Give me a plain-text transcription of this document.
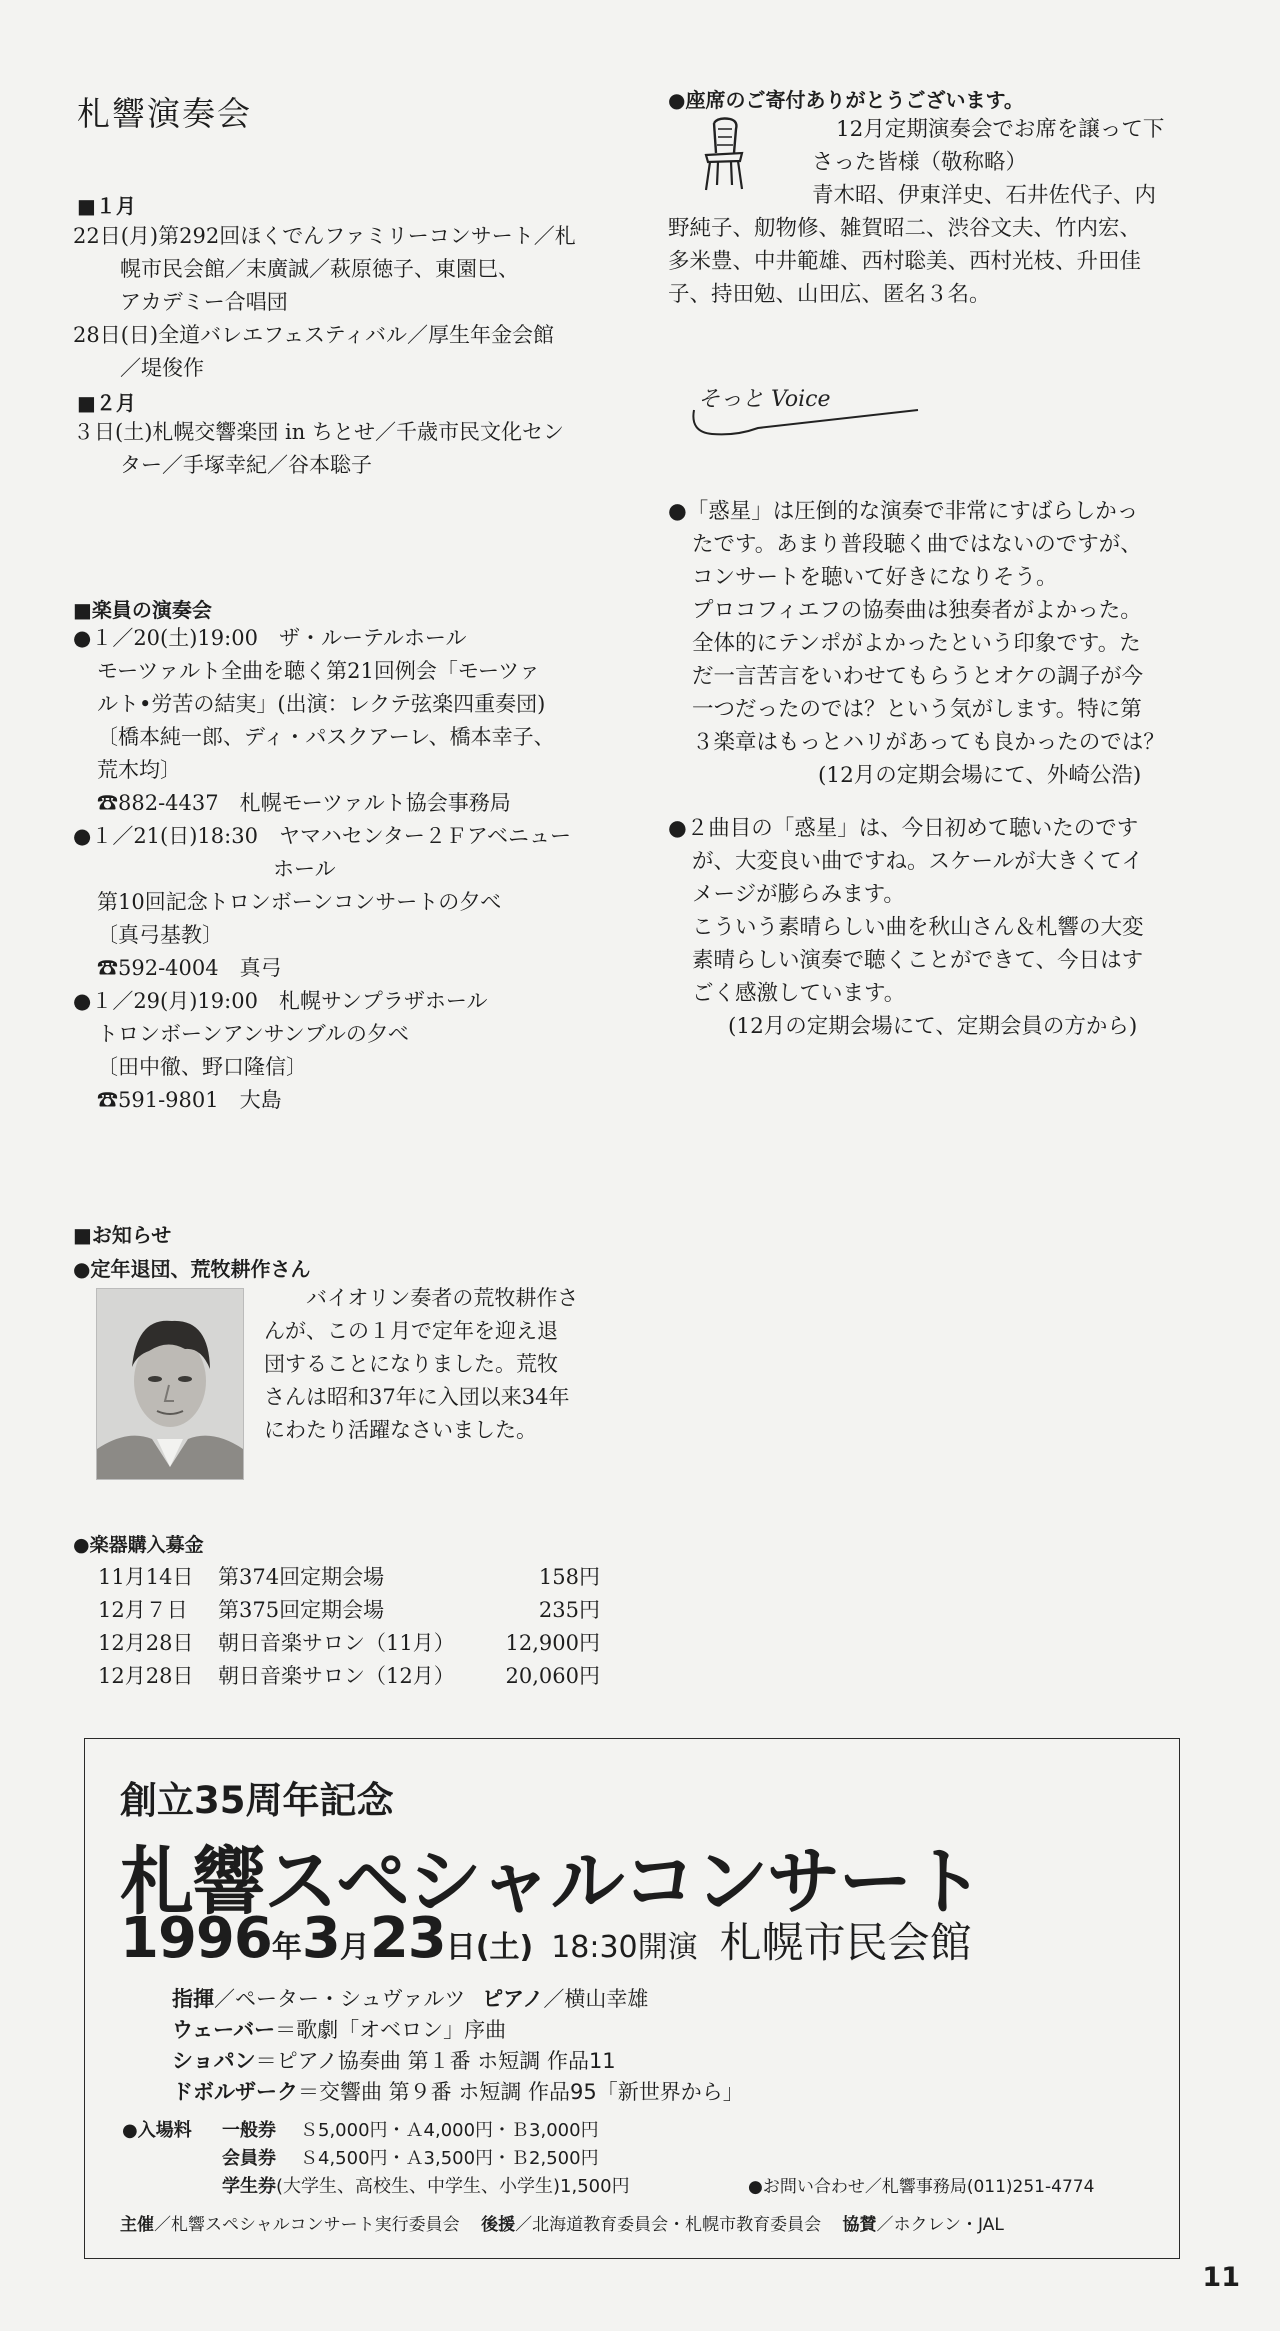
札響演奏会
■１月
22日(月)第292回ほくでんファミリーコンサート／札
幌市民会館／末廣誠／萩原徳子、東園巳、
アカデミー合唱団
28日(日)全道バレエフェスティバル／厚生年金会館
／堤俊作
■２月
３日(土)札幌交響楽団 in ちとせ／千歳市民文化セン
ター／手塚幸紀／谷本聡子
■楽員の演奏会
●１／20(土)19:00　ザ・ルーテルホール
モーツァルト全曲を聴く第21回例会「モーツァ
ルト•労苦の結実」(出演：レクテ弦楽四重奏団)
〔橋本純一郎、ディ・パスクアーレ、橋本幸子、
荒木均〕
☎882-4437　札幌モーツァルト協会事務局
●１／21(日)18:30　ヤマハセンター２Ｆアベニュー
ホール
第10回記念トロンボーンコンサートの夕べ
〔真弓基教〕
☎592-4004　真弓
●１／29(月)19:00　札幌サンプラザホール
トロンボーンアンサンブルの夕べ
〔田中徹、野口隆信〕
☎591-9801　大島
■お知らせ
●定年退団、荒牧耕作さん
バイオリン奏者の荒牧耕作さ
んが、この１月で定年を迎え退
団することになりました。荒牧
さんは昭和37年に入団以来34年
にわたり活躍なさいました。
●楽器購入募金
11月14日 第374回定期会場	158円
12月７日 第375回定期会場	235円
12月28日 朝日音楽サロン（11月） 12,900円
12月28日 朝日音楽サロン（12月） 20,060円
●座席のご寄付ありがとうございます。
12月定期演奏会でお席を譲って下
さった皆様（敬称略）
青木昭、伊東洋史、石井佐代子、内
野純子、舠物修、雑賀昭二、渋谷文夫、竹内宏、
多米豊、中井範雄、西村聡美、西村光枝、升田佳
子、持田勉、山田広、匿名３名。
そっと Voice
●「惑星」は圧倒的な演奏で非常にすばらしかっ
たです。あまり普段聴く曲ではないのですが、
コンサートを聴いて好きになりそう。
プロコフィエフの協奏曲は独奏者がよかった。
全体的にテンポがよかったという印象です。た
だ一言苦言をいわせてもらうとオケの調子が今
一つだったのでは？という気がします。特に第
３楽章はもっとハリがあっても良かったのでは？
(12月の定期会場にて、外崎公浩)
●２曲目の「惑星」は、今日初めて聴いたのです
が、大変良い曲ですね。スケールが大きくてイ
メージが膨らみます。
こういう素晴らしい曲を秋山さん＆札響の大変
素晴らしい演奏で聴くことができて、今日はす
ごく感激しています。
(12月の定期会場にて、定期会員の方から)
創立35周年記念
札響スペシャルコンサート
1996年3月23日(土) 18:30開演 札幌市民会館
指揮／ペーター・シュヴァルツ ピアノ／横山幸雄
ウェーバー＝歌劇「オベロン」序曲
ショパン＝ピアノ協奏曲 第１番 ホ短調 作品11
ドボルザーク＝交響曲 第９番 ホ短調 作品95「新世界から」
●入場料 一般券 Ｓ5,000円・Ａ4,000円・Ｂ3,000円
会員券 Ｓ4,500円・Ａ3,500円・Ｂ2,500円
学生券(大学生、高校生、中学生、小学生)1,500円	●お問い合わせ／札響事務局(011)251-4774
主催／札響スペシャルコンサート実行委員会 後援／北海道教育委員会・札幌市教育委員会 協賛／ホクレン・JAL
11
